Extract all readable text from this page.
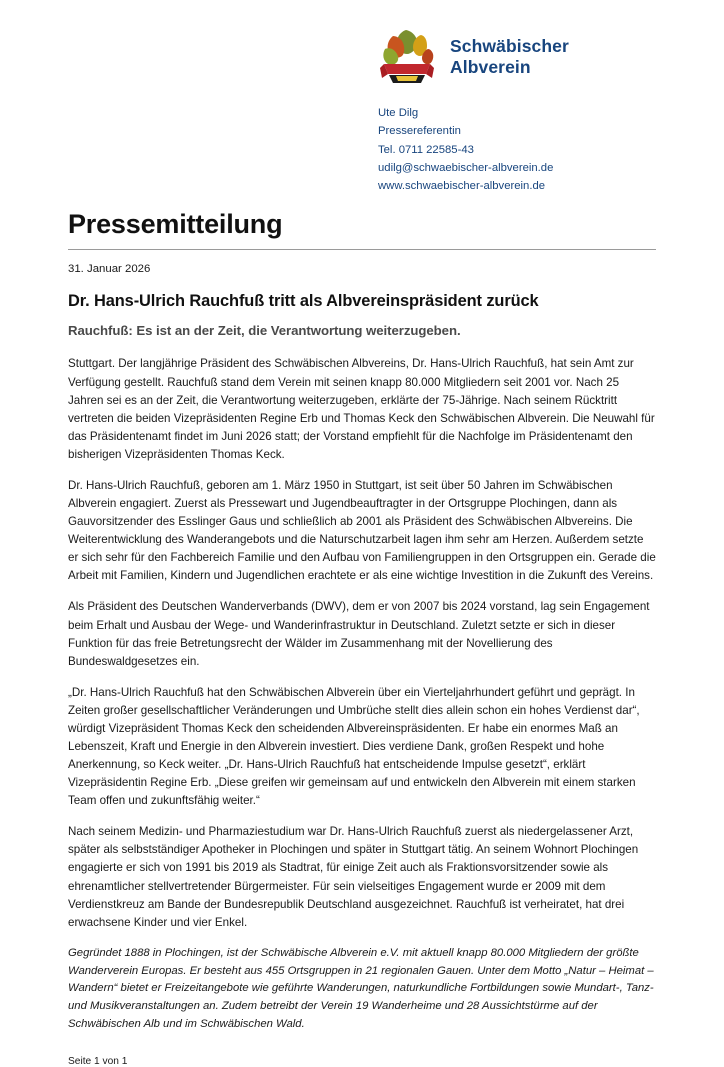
Schwäbischer
Albverein
Ute Dilg
Pressereferentin
Tel. 0711 22585-43
udilg@schwaebischer-albverein.de
www.schwaebischer-albverein.de
Pressemitteilung
31. Januar 2026
Dr. Hans-Ulrich Rauchfuß tritt als Albvereinspräsident zurück
Rauchfuß: Es ist an der Zeit, die Verantwortung weiterzugeben.

Stuttgart. Der langjährige Präsident des Schwäbischen Albvereins, Dr. Hans-Ulrich Rauchfuß, hat sein Amt zur Verfügung gestellt. Rauchfuß stand dem Verein mit seinen knapp 80.000 Mitgliedern seit 2001 vor. Nach 25 Jahren sei es an der Zeit, die Verantwortung weiterzugeben, erklärte der 75-Jährige. Nach seinem Rücktritt vertreten die beiden Vizepräsidenten Regine Erb und Thomas Keck den Schwäbischen Albverein. Die Neuwahl für das Präsidentenamt findet im Juni 2026 statt; der Vorstand empfiehlt für die Nachfolge im Präsidentenamt den bisherigen Vizepräsidenten Thomas Keck.

Dr. Hans-Ulrich Rauchfuß, geboren am 1. März 1950 in Stuttgart, ist seit über 50 Jahren im Schwäbischen Albverein engagiert. Zuerst als Pressewart und Jugendbeauftragter in der Ortsgruppe Plochingen, dann als Gauvorsitzender des Esslinger Gaus und schließlich ab 2001 als Präsident des Schwäbischen Albvereins. Die Weiterentwicklung des Wanderangebots und die Naturschutzarbeit lagen ihm sehr am Herzen. Außerdem setzte er sich sehr für den Fachbereich Familie und den Aufbau von Familiengruppen in den Ortsgruppen ein. Gerade die Arbeit mit Familien, Kindern und Jugendlichen erachtete er als eine wichtige Investition in die Zukunft des Vereins.

Als Präsident des Deutschen Wanderverbands (DWV), dem er von 2007 bis 2024 vorstand, lag sein Engagement beim Erhalt und Ausbau der Wege- und Wanderinfrastruktur in Deutschland. Zuletzt setzte er sich in dieser Funktion für das freie Betretungsrecht der Wälder im Zusammenhang mit der Novellierung des Bundeswaldgesetzes ein.

„Dr. Hans-Ulrich Rauchfuß hat den Schwäbischen Albverein über ein Vierteljahrhundert geführt und geprägt. In Zeiten großer gesellschaftlicher Veränderungen und Umbrüche stellt dies allein schon ein hohes Verdienst dar“, würdigt Vizepräsident Thomas Keck den scheidenden Albvereinspräsidenten. Er habe ein enormes Maß an Lebenszeit, Kraft und Energie in den Albverein investiert. Dies verdiene Dank, großen Respekt und hohe Anerkennung, so Keck weiter. „Dr. Hans-Ulrich Rauchfuß hat entscheidende Impulse gesetzt“, erklärt Vizepräsidentin Regine Erb. „Diese greifen wir gemeinsam auf und entwickeln den Albverein mit einem starken Team offen und zukunftsfähig weiter.“

Nach seinem Medizin- und Pharmaziestudium war Dr. Hans-Ulrich Rauchfuß zuerst als niedergelassener Arzt, später als selbstständiger Apotheker in Plochingen und später in Stuttgart tätig. An seinem Wohnort Plochingen engagierte er sich von 1991 bis 2019 als Stadtrat, für einige Zeit auch als Fraktionsvorsitzender sowie als ehrenamtlicher stellvertretender Bürgermeister. Für sein vielseitiges Engagement wurde er 2009 mit dem Verdienstkreuz am Bande der Bundesrepublik Deutschland ausgezeichnet. Rauchfuß ist verheiratet, hat drei erwachsene Kinder und vier Enkel.

Gegründet 1888 in Plochingen, ist der Schwäbische Albverein e.V. mit aktuell knapp 80.000 Mitgliedern der größte Wanderverein Europas. Er besteht aus 455 Ortsgruppen in 21 regionalen Gauen. Unter dem Motto „Natur – Heimat – Wandern“ bietet er Freizeitangebote wie geführte Wanderungen, naturkundliche Fortbildungen sowie Mundart-, Tanz- und Musikveranstaltungen an. Zudem betreibt der Verein 19 Wanderheime und 28 Aussichtstürme auf der Schwäbischen Alb und im Schwäbischen Wald.

Seite 1 von 1
